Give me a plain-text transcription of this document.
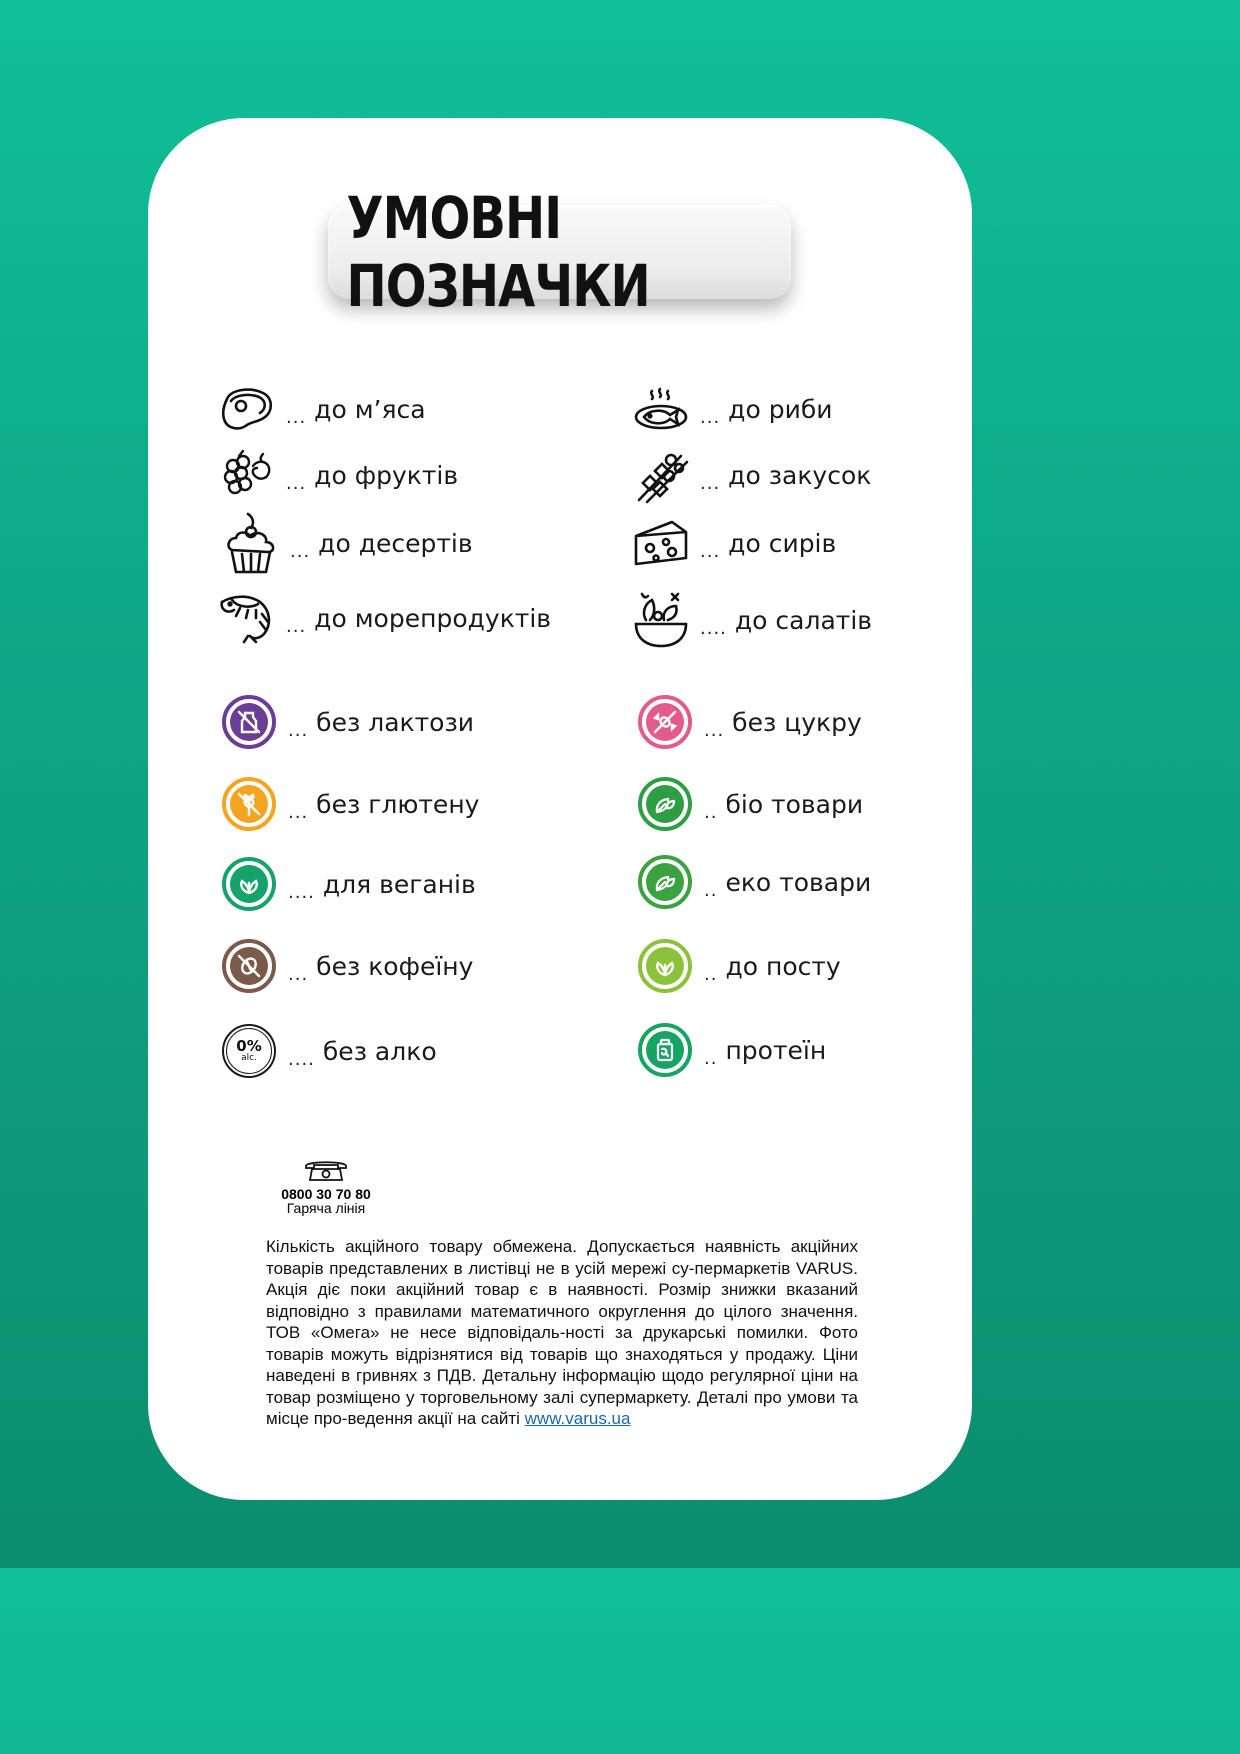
УМОВНІ ПОЗНАЧКИ
... до м’яса	... до риби
... до фруктів	... до закусок
... до десертів	... до сирів
... до морепродуктів	.... до салатів
... без лактози	... без цукру
... без глютену	.. біо товари
.... для веганів	.. еко товари
... без кофеїну	.. до посту
0%
alc. .... без алко	.. протеїн
0800 30 70 80
Гаряча лінія
Кількість акційного товару обмежена. Допускається наявність акційних товарів представлених в листівці не в усій мережі су-пермаркетів VARUS. Акція діє поки акційний товар є в наявності. Розмір знижки вказаний відповідно з правилами математичного округлення до цілого значення. ТОВ «Омега» не несе відповідаль-ності за друкарські помилки. Фото товарів можуть відрізнятися від товарів що знаходяться у продажу. Ціни наведені в гривнях з ПДВ. Детальну інформацію щодо регулярної ціни на товар розміщено у торговельному залі супермаркету. Деталі про умови та місце про-ведення акції на сайті www.varus.ua
